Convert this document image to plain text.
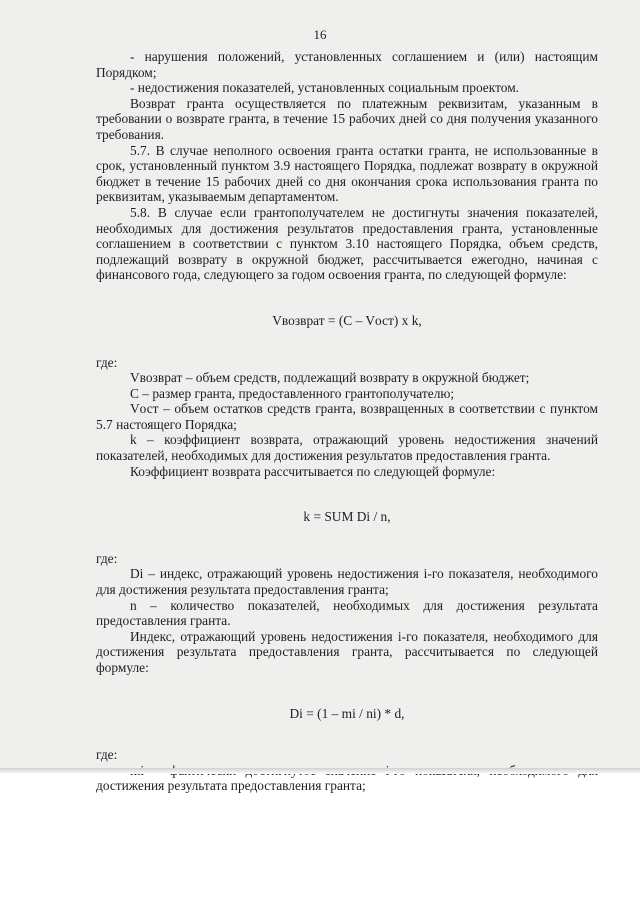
16

- нарушения положений, установленных соглашением и (или) настоящим Порядком;

- недостижения показателей, установленных социальным проектом.

Возврат гранта осуществляется по платежным реквизитам, указанным в требовании о возврате гранта, в течение 15 рабочих дней со дня получения указанного требования.

5.7. В случае неполного освоения гранта остатки гранта, не использованные в срок, установленный пунктом 3.9 настоящего Порядка, подлежат возврату в окружной бюджет в течение 15 рабочих дней со дня окончания срока использования гранта по реквизитам, указываемым департаментом.

5.8. В случае если грантополучателем не достигнуты значения показателей, необходимых для достижения результатов предоставления гранта, установленные соглашением в соответствии с пунктом 3.10 настоящего Порядка, объем средств, подлежащий возврату в окружной бюджет, рассчитывается ежегодно, начиная с финансового года, следующего за годом освоения гранта, по следующей формуле:

Vвозврат = (C – Vост) x k,

где:

Vвозврат – объем средств, подлежащий возврату в окружной бюджет;

C – размер гранта, предоставленного грантополучателю;

Vост – объем остатков средств гранта, возвращенных в соответствии с пунктом 5.7 настоящего Порядка;

k – коэффициент возврата, отражающий уровень недостижения значений показателей, необходимых для достижения результатов предоставления гранта.

Коэффициент возврата рассчитывается по следующей формуле:

k = SUM Di / n,

где:

Di – индекс, отражающий уровень недостижения i-го показателя, необходимого для достижения результата предоставления гранта;

n – количество показателей, необходимых для достижения результата предоставления гранта.

Индекс, отражающий уровень недостижения i-го показателя, необходимого для достижения результата предоставления гранта, рассчитывается по следующей формуле:

Di = (1 – mi / ni) * d,

где:

достижения результата предоставления гранта;
